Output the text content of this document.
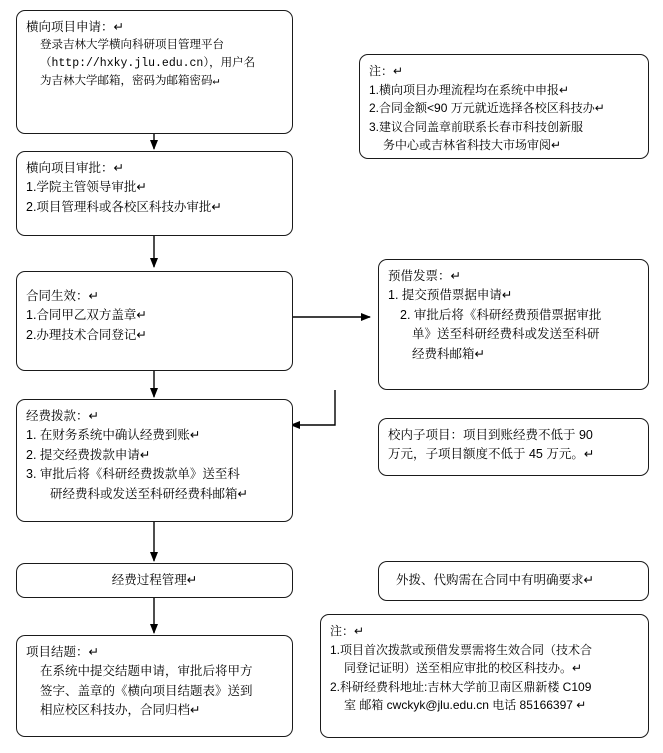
横向项目申请：↵
登录吉林大学横向科研项目管理平台
（http://hxky.jlu.edu.cn），用户名
为吉林大学邮箱，密码为邮箱密码↵
横向项目审批：↵
1.学院主管领导审批↵
2.项目管理科或各校区科技办审批↵
合同生效：↵
1.合同甲乙双方盖章↵
2.办理技术合同登记↵
经费拨款：↵
1. 在财务系统中确认经费到账↵
2. 提交经费拨款申请↵
3. 审批后将《科研经费拨款单》送至科
研经费科或发送至科研经费科邮箱↵
经费过程管理↵
项目结题：↵
在系统中提交结题申请，审批后将甲方
签字、盖章的《横向项目结题表》送到
相应校区科技办，合同归档↵
注：↵
1.横向项目办理流程均在系统中申报↵
2.合同金额<90 万元就近选择各校区科技办↵
3.建议合同盖章前联系长春市科技创新服
务中心或吉林省科技大市场审阅↵
预借发票：↵
1. 提交预借票据申请↵
2. 审批后将《科研经费预借票据审批
单》送至科研经费科或发送至科研
经费科邮箱↵
校内子项目：项目到账经费不低于 90
万元，子项目额度不低于 45 万元。↵
外拨、代购需在合同中有明确要求↵
注：↵
1.项目首次拨款或预借发票需将生效合同（技术合
同登记证明）送至相应审批的校区科技办。↵
2.科研经费科地址:吉林大学前卫南区鼎新楼 C109
室 邮箱 cwckyk@jlu.edu.cn 电话 85166397 ↵
